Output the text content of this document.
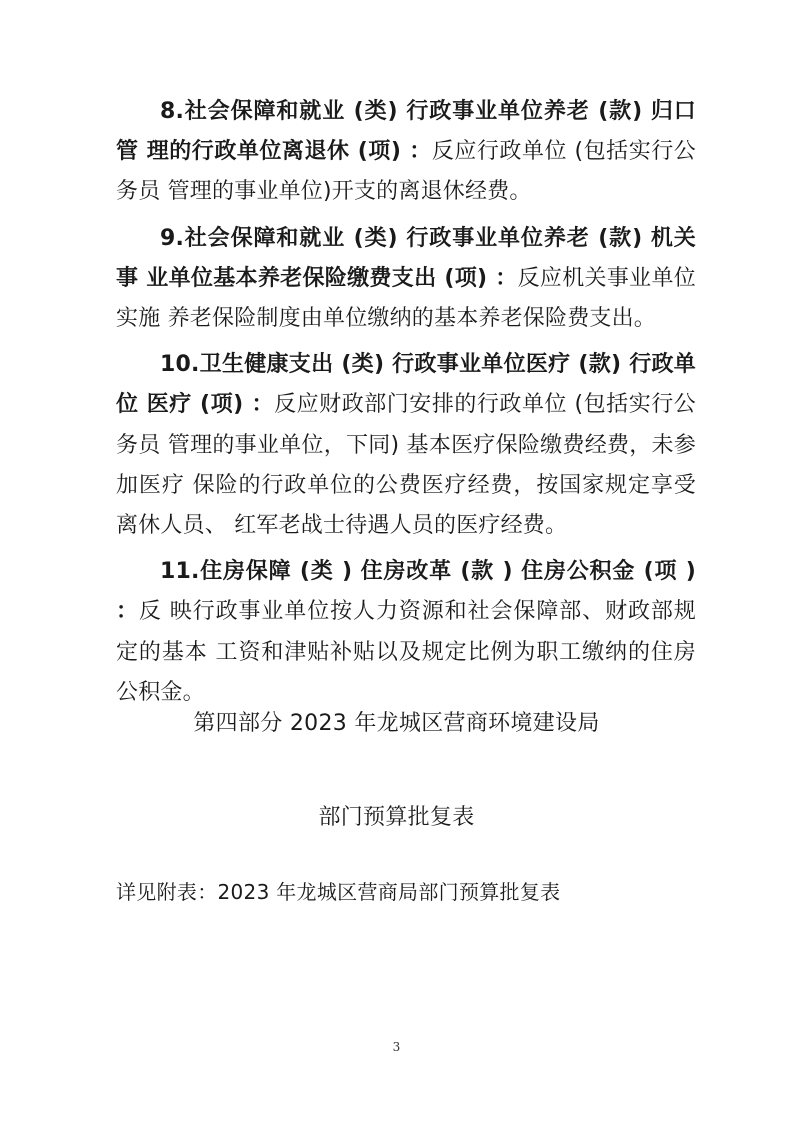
8.社会保障和就业 (类) 行政事业单位养老 (款) 归口管 理的行政单位离退休 (项) ：反应行政单位 (包括实行公务员 管理的事业单位)开支的离退休经费。

9.社会保障和就业 (类) 行政事业单位养老 (款) 机关事 业单位基本养老保险缴费支出 (项) ：反应机关事业单位实施 养老保险制度由单位缴纳的基本养老保险费支出。

10.卫生健康支出 (类) 行政事业单位医疗 (款) 行政单位 医疗 (项) ：反应财政部门安排的行政单位 (包括实行公务员 管理的事业单位，下同) 基本医疗保险缴费经费，未参加医疗 保险的行政单位的公费医疗经费，按国家规定享受离休人员、 红军老战士待遇人员的医疗经费。

11.住房保障 (类 ) 住房改革 (款 ) 住房公积金 (项 ) ：反 映行政事业单位按人力资源和社会保障部、财政部规定的基本 工资和津贴补贴以及规定比例为职工缴纳的住房公积金。

第四部分 2023 年龙城区营商环境建设局
部门预算批复表
详见附表：2023 年龙城区营商局部门预算批复表
3
